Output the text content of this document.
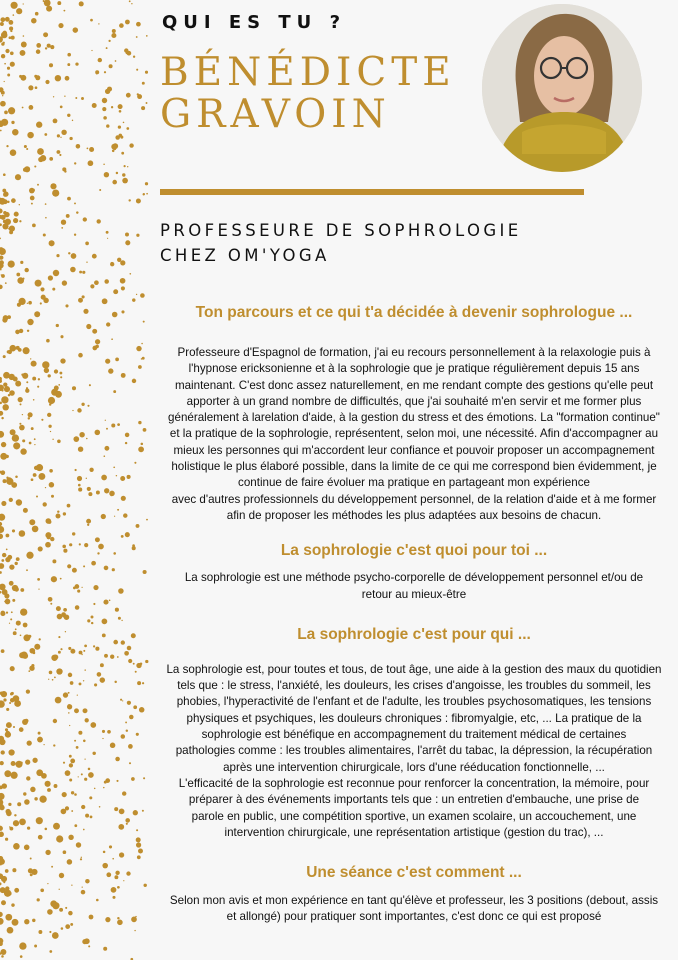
QUI ES TU ?
BÉNÉDICTE
GRAVOIN
PROFESSEURE DE SOPHROLOGIE
CHEZ OM'YOGA
Ton parcours et ce qui t'a décidée à devenir sophrologue ...

Professeure d'Espagnol de formation, j'ai eu recours personnellement à la relaxologie puis à
l'hypnose ericksonienne et à la sophrologie que je pratique régulièrement depuis 15 ans
maintenant. C'est donc assez naturellement, en me rendant compte des gestions qu'elle peut
apporter à un grand nombre de difficultés, que j'ai souhaité m'en servir et me former plus
généralement à larelation d'aide, à la gestion du stress et des émotions. La "formation continue"
et la pratique de la sophrologie, représentent, selon moi, une nécessité. Afin d'accompagner au
mieux les personnes qui m'accordent leur confiance et pouvoir proposer un accompagnement
holistique le plus élaboré possible, dans la limite de ce qui me correspond bien évidemment, je
continue de faire évoluer ma pratique en partageant mon expérience
avec d'autres professionnels du développement personnel, de la relation d'aide et à me former
afin de proposer les méthodes les plus adaptées aux besoins de chacun.

La sophrologie c'est quoi pour toi ...

La sophrologie est une méthode psycho-corporelle de développement personnel et/ou de
retour au mieux-être

La sophrologie c'est pour qui ...

La sophrologie est, pour toutes et tous, de tout âge, une aide à la gestion des maux du quotidien
tels que : le stress, l'anxiété, les douleurs, les crises d'angoisse, les troubles du sommeil, les
phobies, l'hyperactivité de l'enfant et de l'adulte, les troubles psychosomatiques, les tensions
physiques et psychiques, les douleurs chroniques : fibromyalgie, etc, ... La pratique de la
sophrologie est bénéfique en accompagnement du traitement médical de certaines
pathologies comme : les troubles alimentaires, l'arrêt du tabac, la dépression, la récupération
après une intervention chirurgicale, lors d'une rééducation fonctionnelle, ...
L'efficacité de la sophrologie est reconnue pour renforcer la concentration, la mémoire, pour
préparer à des événements importants tels que : un entretien d'embauche, une prise de
parole en public, une compétition sportive, un examen scolaire, un accouchement, une
intervention chirurgicale, une représentation artistique (gestion du trac), ...

Une séance c'est comment ...

Selon mon avis et mon expérience en tant qu'élève et professeur, les 3 positions (debout, assis
et allongé) pour pratiquer sont importantes, c'est donc ce qui est proposé
